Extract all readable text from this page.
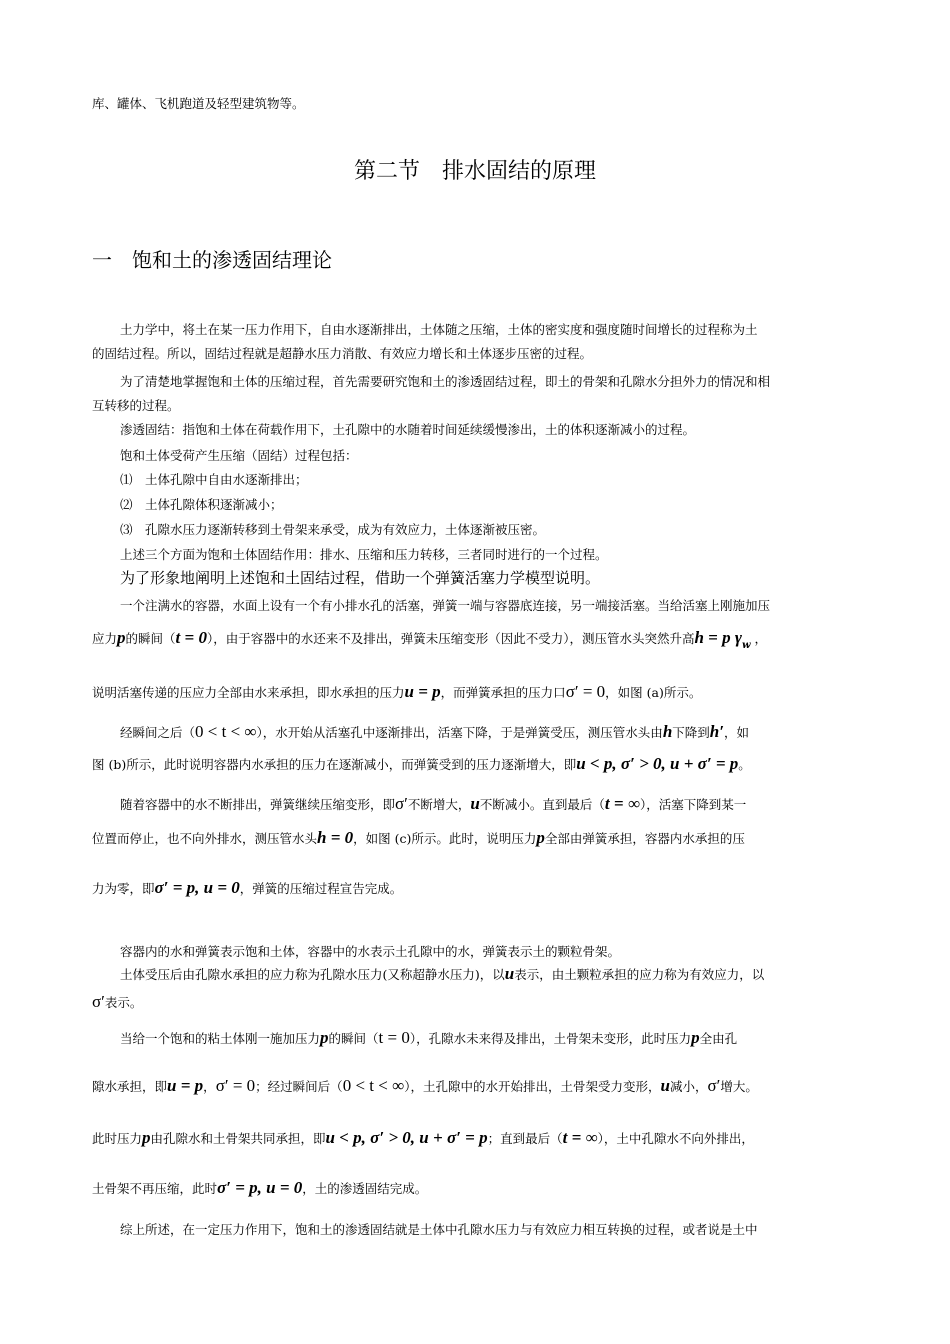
库、罐体、飞机跑道及轻型建筑物等。
第二节　排水固结的原理
一　饱和土的渗透固结理论
土力学中，将土在某一压力作用下，自由水逐渐排出，土体随之压缩，土体的密实度和强度随时间增长的过程称为土
的固结过程。所以，固结过程就是超静水压力消散、有效应力增长和土体逐步压密的过程。
为了清楚地掌握饱和土体的压缩过程，首先需要研究饱和土的渗透固结过程，即土的骨架和孔隙水分担外力的情况和相
互转移的过程。
渗透固结：指饱和土体在荷载作用下，土孔隙中的水随着时间延续缓慢渗出，土的体积逐渐减小的过程。
饱和土体受荷产生压缩（固结）过程包括：
⑴　土体孔隙中自由水逐渐排出；
⑵　土体孔隙体积逐渐减小；
⑶　孔隙水压力逐渐转移到土骨架来承受，成为有效应力，土体逐渐被压密。
上述三个方面为饱和土体固结作用：排水、压缩和压力转移，三者同时进行的一个过程。
为了形象地阐明上述饱和土固结过程，借助一个弹簧活塞力学模型说明。
一个注满水的容器，水面上设有一个有小排水孔的活塞，弹簧一端与容器底连接，另一端接活塞。当给活塞上刚施加压
应力p的瞬间（t = 0），由于容器中的水还来不及排出，弹簧未压缩变形（因此不受力），测压管水头突然升高h = p $\gamma_w$ ，
说明活塞传递的压应力全部由水来承担，即水承担的压力u = p，而弹簧承担的压力口σ′ = 0，如图 (a)所示。
经瞬间之后（0 < t < ∞），水开始从活塞孔中逐渐排出，活塞下降，于是弹簧受压，测压管水头由h下降到h′，如
图 (b)所示，此时说明容器内水承担的压力在逐渐减小，而弹簧受到的压力逐渐增大，即u < p, σ′ > 0, u + σ′ = p。
随着容器中的水不断排出，弹簧继续压缩变形，即σ′不断增大，u不断减小。直到最后（t = ∞），活塞下降到某一
位置而停止，也不向外排水，测压管水头h = 0，如图 (c)所示。此时，说明压力p全部由弹簧承担，容器内水承担的压
力为零，即σ′ = p, u = 0，弹簧的压缩过程宣告完成。
容器内的水和弹簧表示饱和土体，容器中的水表示土孔隙中的水，弹簧表示土的颗粒骨架。
土体受压后由孔隙水承担的应力称为孔隙水压力(又称超静水压力)，以u表示，由土颗粒承担的应力称为有效应力，以
σ′表示。
当给一个饱和的粘土体刚一施加压力p的瞬间（t = 0），孔隙水未来得及排出，土骨架未变形，此时压力p全由孔
隙水承担，即u = p，σ′ = 0；经过瞬间后（0 < t < ∞），土孔隙中的水开始排出，土骨架受力变形，u减小，σ′增大。
此时压力p由孔隙水和土骨架共同承担，即u < p, σ′ > 0, u + σ′ = p；直到最后（t = ∞），土中孔隙水不向外排出，
土骨架不再压缩，此时σ′ = p, u = 0，土的渗透固结完成。
综上所述，在一定压力作用下，饱和土的渗透固结就是土体中孔隙水压力与有效应力相互转换的过程，或者说是土中
